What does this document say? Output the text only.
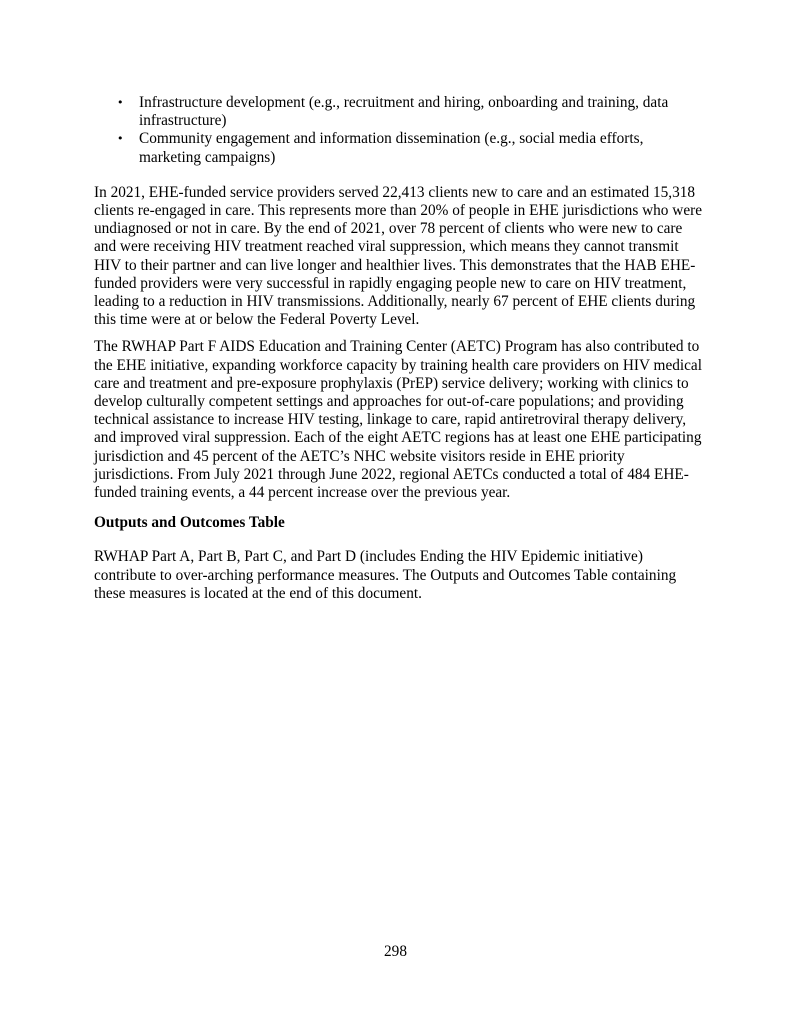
• Infrastructure development (e.g., recruitment and hiring, onboarding and training, data infrastructure)
• Community engagement and information dissemination (e.g., social media efforts, marketing campaigns)

In 2021, EHE-funded service providers served 22,413 clients new to care and an estimated 15,318 clients re-engaged in care. This represents more than 20% of people in EHE jurisdictions who were undiagnosed or not in care. By the end of 2021, over 78 percent of clients who were new to care and were receiving HIV treatment reached viral suppression, which means they cannot transmit HIV to their partner and can live longer and healthier lives. This demonstrates that the HAB EHE-funded providers were very successful in rapidly engaging people new to care on HIV treatment, leading to a reduction in HIV transmissions. Additionally, nearly 67 percent of EHE clients during this time were at or below the Federal Poverty Level.

The RWHAP Part F AIDS Education and Training Center (AETC) Program has also contributed to the EHE initiative, expanding workforce capacity by training health care providers on HIV medical care and treatment and pre-exposure prophylaxis (PrEP) service delivery; working with clinics to develop culturally competent settings and approaches for out-of-care populations; and providing technical assistance to increase HIV testing, linkage to care, rapid antiretroviral therapy delivery, and improved viral suppression. Each of the eight AETC regions has at least one EHE participating jurisdiction and 45 percent of the AETC’s NHC website visitors reside in EHE priority jurisdictions. From July 2021 through June 2022, regional AETCs conducted a total of 484 EHE-funded training events, a 44 percent increase over the previous year.

Outputs and Outcomes Table

RWHAP Part A, Part B, Part C, and Part D (includes Ending the HIV Epidemic initiative) contribute to over-arching performance measures. The Outputs and Outcomes Table containing these measures is located at the end of this document.

298
